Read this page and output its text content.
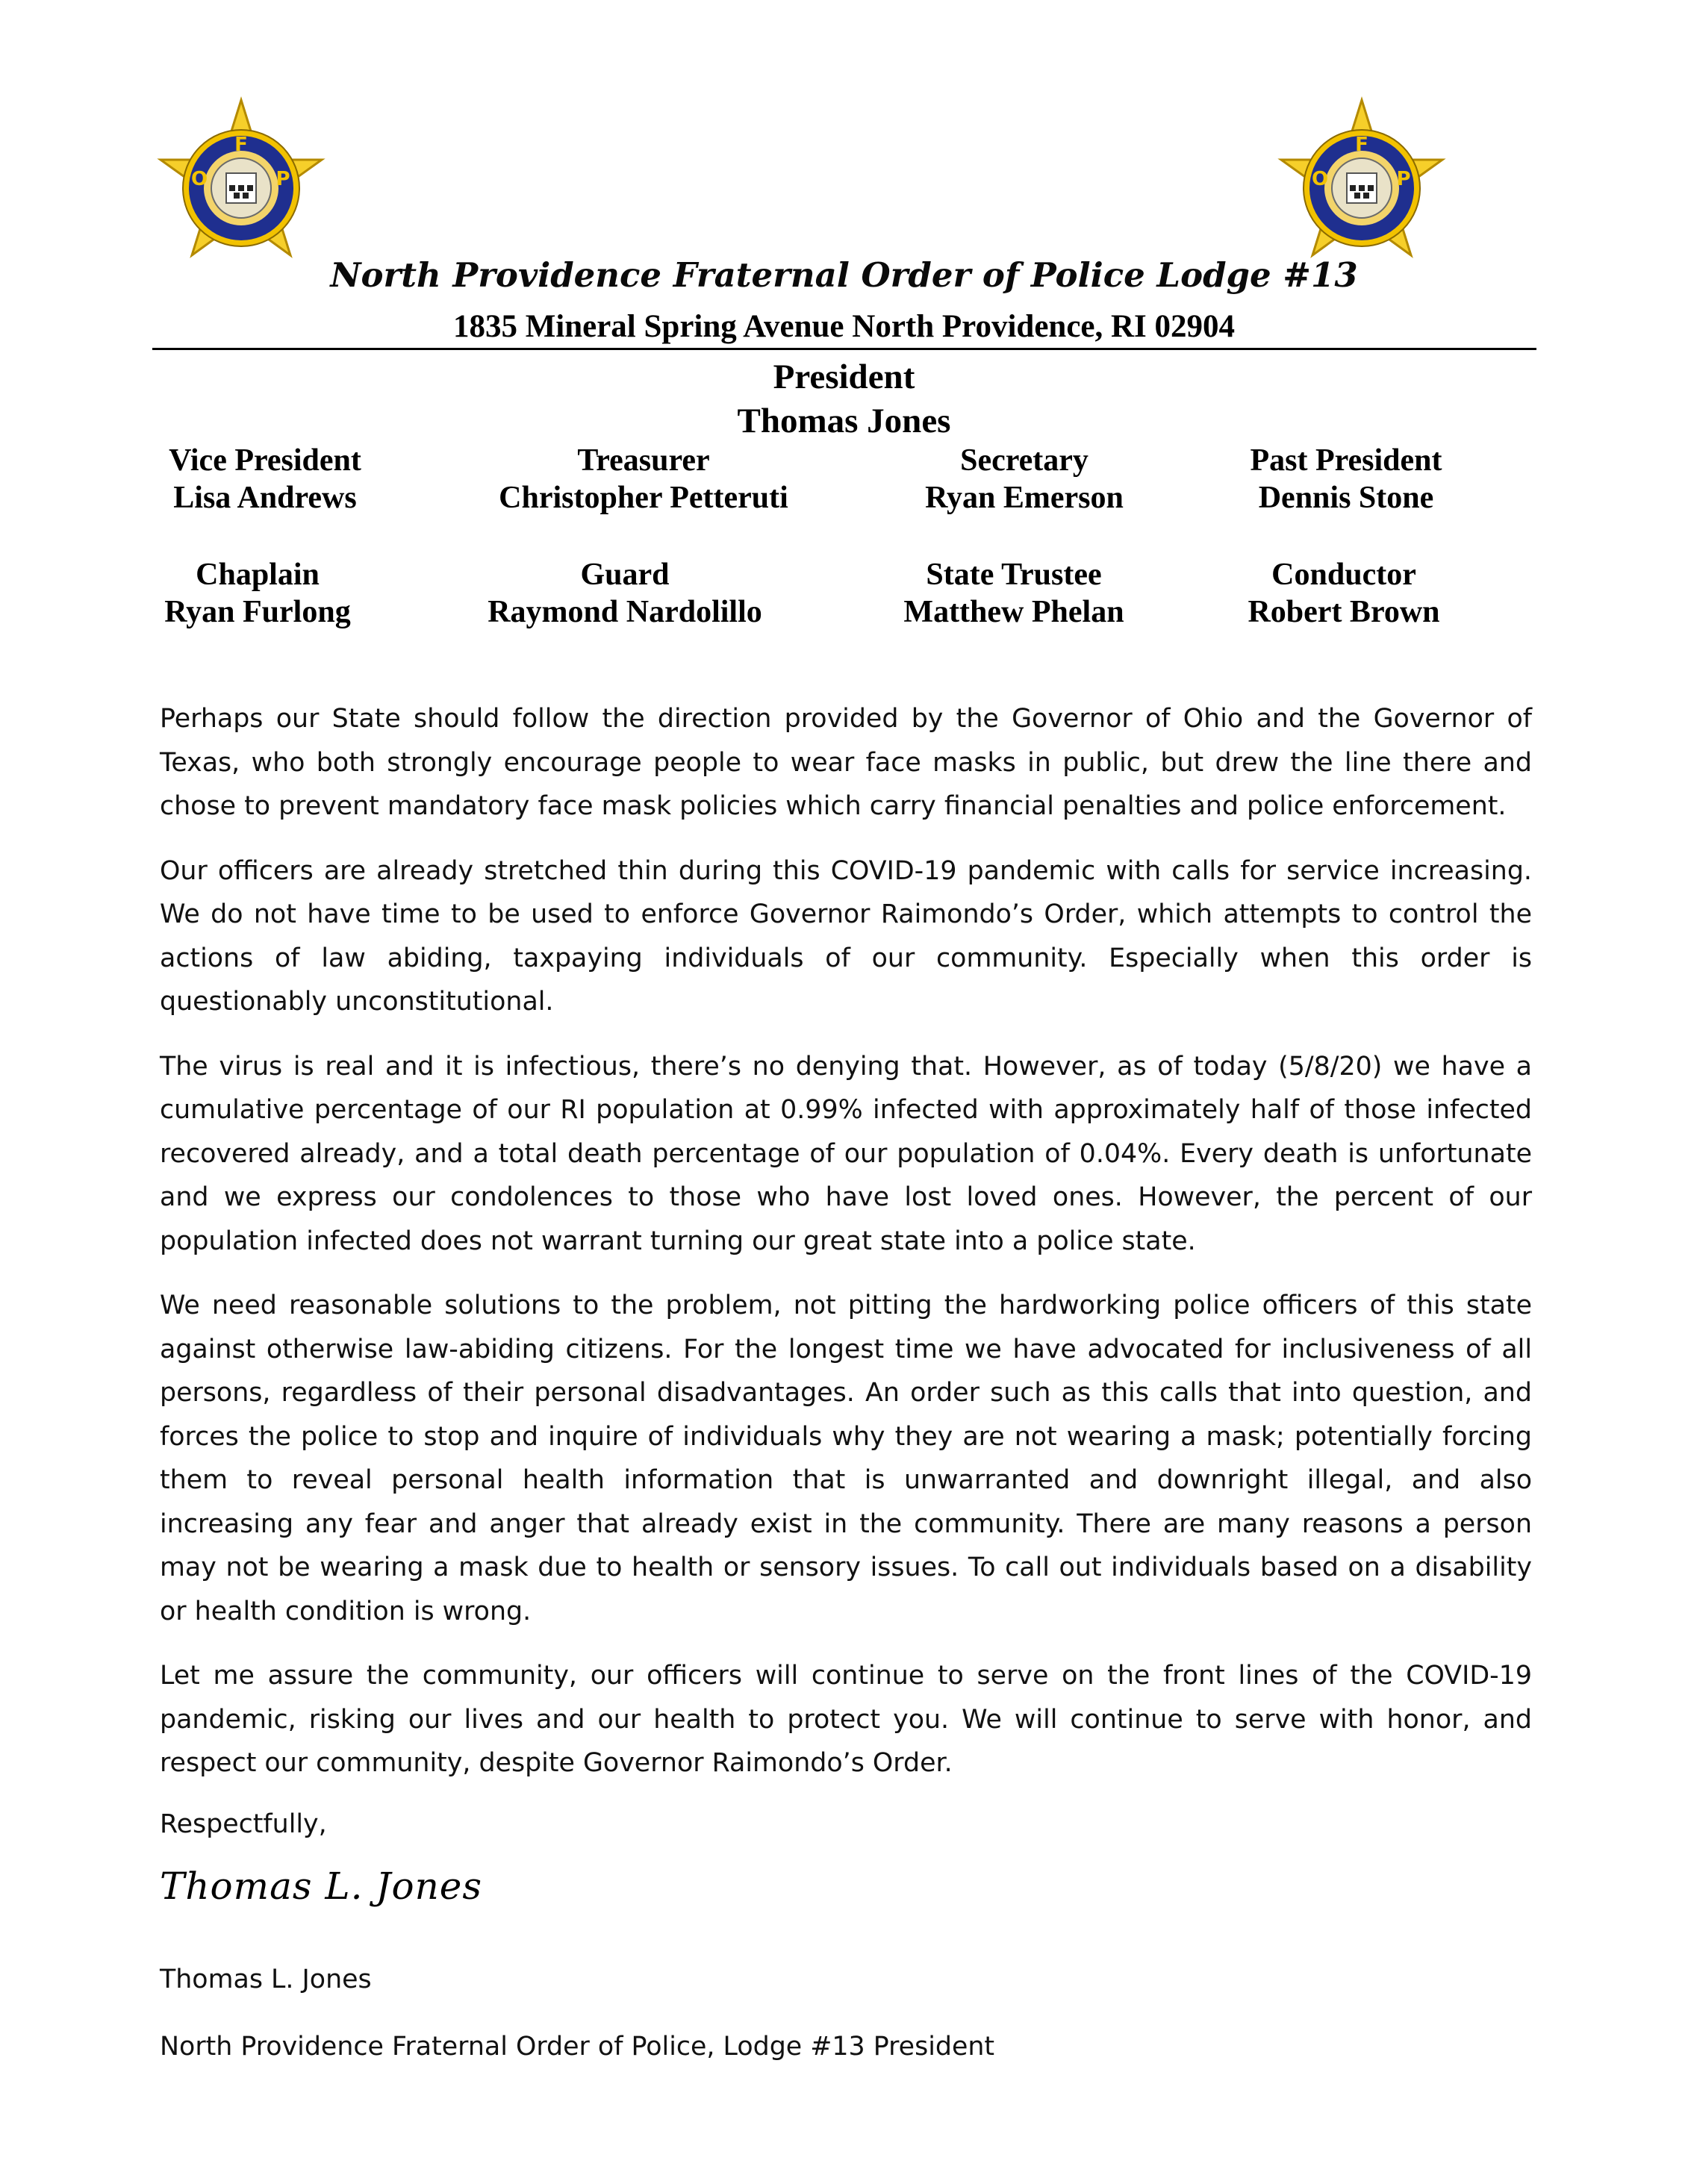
F
O	P
F
O	P
North Providence Fraternal Order of Police Lodge #13
1835 Mineral Spring Avenue North Providence, RI 02904
President
Thomas Jones
Vice President
Lisa Andrews
Treasurer
Christopher Petteruti
Secretary
Ryan Emerson
Past President
Dennis Stone
Chaplain
Ryan Furlong
Guard
Raymond Nardolillo
State Trustee
Matthew Phelan
Conductor
Robert Brown

Perhaps our State should follow the direction provided by the Governor of Ohio and the Governor of Texas, who both strongly encourage people to wear face masks in public, but drew the line there and chose to prevent mandatory face mask policies which carry financial penalties and police enforcement.

Our officers are already stretched thin during this COVID-19 pandemic with calls for service increasing. We do not have time to be used to enforce Governor Raimondo’s Order, which attempts to control the actions of law abiding, taxpaying individuals of our community. Especially when this order is questionably unconstitutional.

The virus is real and it is infectious, there’s no denying that. However, as of today (5/8/20) we have a cumulative percentage of our RI population at 0.99% infected with approximately half of those infected recovered already, and a total death percentage of our population of 0.04%. Every death is unfortunate and we express our condolences to those who have lost loved ones. However, the percent of our population infected does not warrant turning our great state into a police state.

We need reasonable solutions to the problem, not pitting the hardworking police officers of this state against otherwise law-abiding citizens. For the longest time we have advocated for inclusiveness of all persons, regardless of their personal disadvantages. An order such as this calls that into question, and forces the police to stop and inquire of individuals why they are not wearing a mask; potentially forcing them to reveal personal health information that is unwarranted and downright illegal, and also increasing any fear and anger that already exist in the community. There are many reasons a person may not be wearing a mask due to health or sensory issues. To call out individuals based on a disability or health condition is wrong.

Let me assure the community, our officers will continue to serve on the front lines of the COVID-19 pandemic, risking our lives and our health to protect you. We will continue to serve with honor, and respect our community, despite Governor Raimondo’s Order.

Respectfully,
Thomas L. Jones
Thomas L. Jones
North Providence Fraternal Order of Police, Lodge #13 President
